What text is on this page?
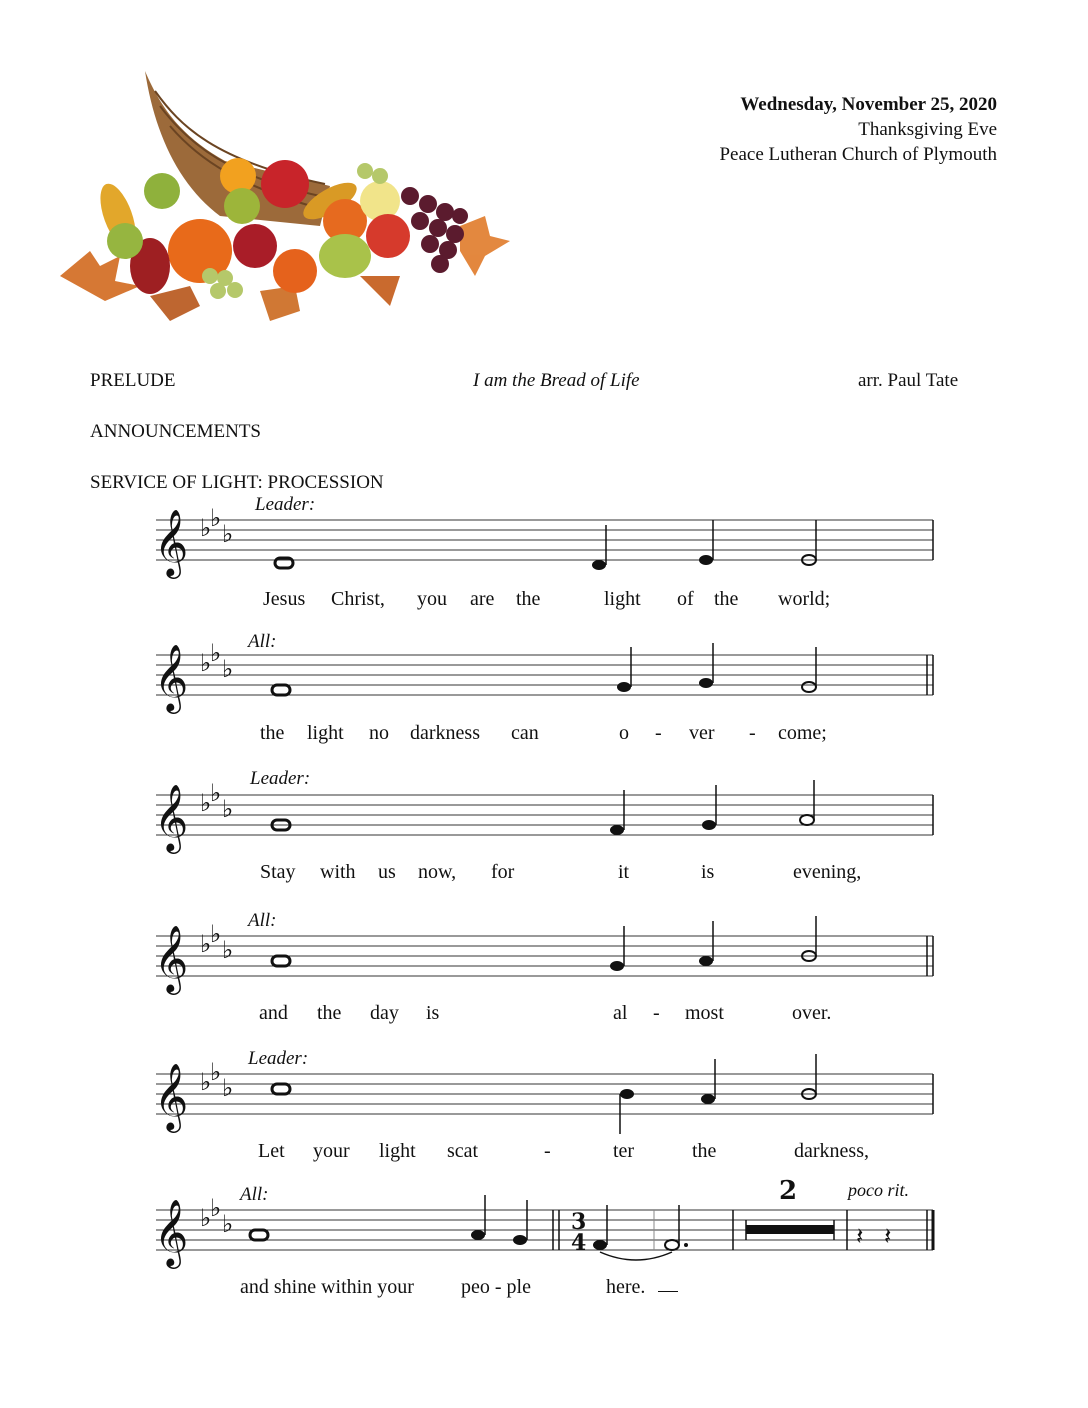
Wednesday, November 25, 2020
Thanksgiving Eve
Peace Lutheran Church of Plymouth
PRELUDE	I am the Bread of Life	arr. Paul Tate
ANNOUNCEMENTS
SERVICE OF LIGHT: PROCESSION
Leader:
Jesus Christ, you are the	light of the world;
All:
the light no darkness can	o - ver - come;
Leader:
Stay with us now, for	it	is	evening,
All:
and the day is	al - most	over.
Leader:
Let your light scat	-	ter	the	darkness,
All:	2	poco rit.
3
4	𝄽 𝄽
and shine within your peo - ple	here.
